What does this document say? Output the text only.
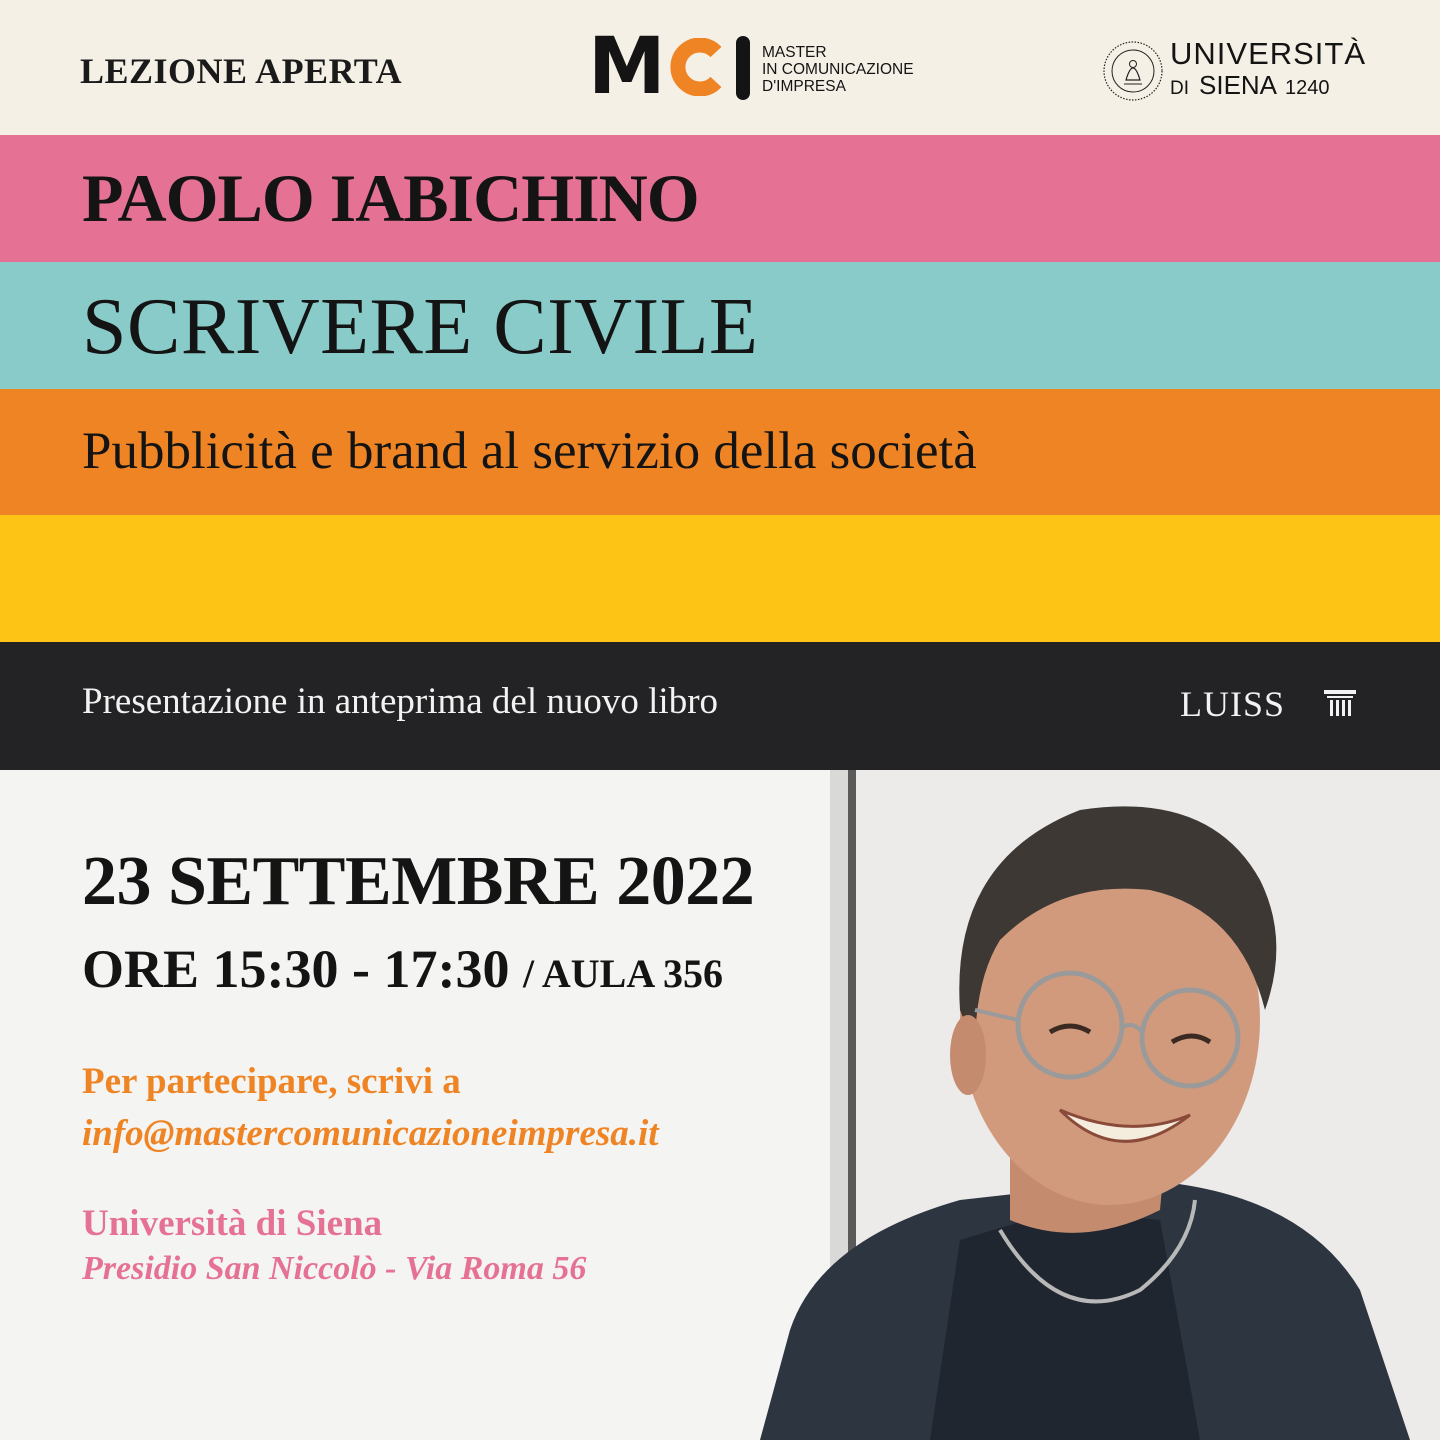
LEZIONE APERTA M	MASTER
IN COMUNICAZIONE
D'IMPRESA
UNIVERSITÀ
DI SIENA 1240
PAOLO IABICHINO
SCRIVERE CIVILE
Pubblicità e brand al servizio della società
Presentazione in anteprima del nuovo libro	LUISS
23 SETTEMBRE 2022
ORE 15:30 - 17:30 / AULA 356
Per partecipare, scrivi a
info@mastercomunicazioneimpresa.it
Università di Siena
Presidio San Niccolò - Via Roma 56
